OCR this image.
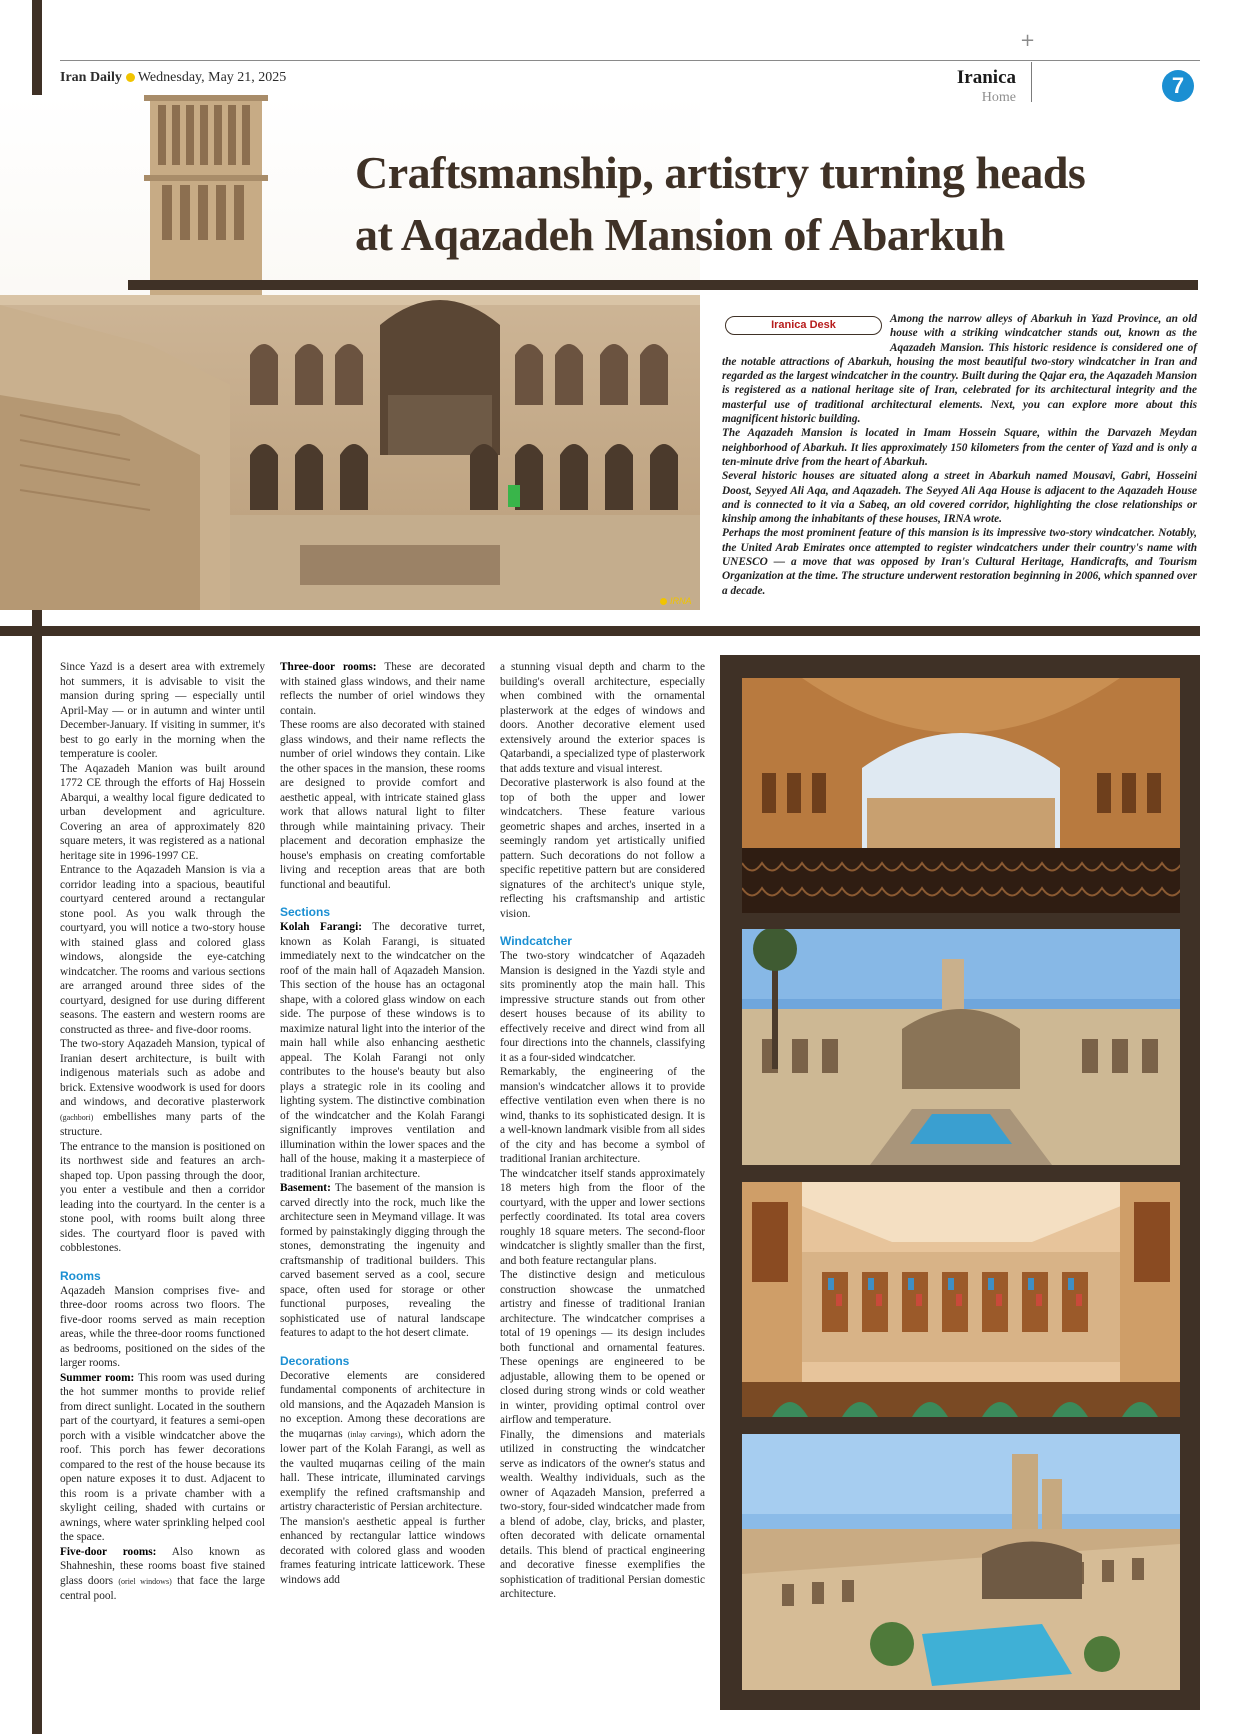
+
Iran Daily Wednesday, May 21, 2025	Iranica
Home	7
IRNA
Craftsmanship, artistry turning heads
at Aqazadeh Mansion of Abarkuh
Iranica Desk	Among the narrow alleys of Abarkuh in Yazd Province, an old house with a striking windcatcher stands out, known as the Aqazadeh Mansion. This historic residence is considered one of the notable attractions of Abarkuh, housing the most beautiful two-story windcatcher in Iran and regarded as the largest windcatcher in the country. Built during the Qajar era, the Aqazadeh Mansion is registered as a national heritage site of Iran, celebrated for its architectural integrity and the masterful use of traditional architectural elements. Next, you can explore more about this magnificent historic building.

The Aqazadeh Mansion is located in Imam Hossein Square, within the Darvazeh Meydan neighborhood of Abarkuh. It lies approximately 150 kilometers from the center of Yazd and is only a ten-minute drive from the heart of Abarkuh.

Several historic houses are situated along a street in Abarkuh named Mousavi, Gabri, Hosseini Doost, Seyyed Ali Aqa, and Aqazadeh. The Seyyed Ali Aqa House is adjacent to the Aqazadeh House and is connected to it via a Sabeq, an old covered corridor, highlighting the close relationships or kinship among the inhabitants of these houses, IRNA wrote.

Perhaps the most prominent feature of this mansion is its impressive two-story windcatcher. Notably, the United Arab Emirates once attempted to register windcatchers under their country's name with UNESCO — a move that was opposed by Iran's Cultural Heritage, Handicrafts, and Tourism Organization at the time. The structure underwent restoration beginning in 2006, which spanned over a decade.

Since Yazd is a desert area with extremely hot summers, it is advisable to visit the mansion during spring — especially until April-May — or in autumn and winter until December-January. If visiting in summer, it's best to go early in the morning when the temperature is cooler.

The Aqazadeh Manion was built around 1772 CE through the efforts of Haj Hossein Abarqui, a wealthy local figure dedicated to urban development and agriculture. Covering an area of approximately 820 square meters, it was registered as a national heritage site in 1996-1997 CE.

Entrance to the Aqazadeh Mansion is via a corridor leading into a spacious, beautiful courtyard centered around a rectangular stone pool. As you walk through the courtyard, you will notice a two-story house with stained glass and colored glass windows, alongside the eye-catching windcatcher. The rooms and various sections are arranged around three sides of the courtyard, designed for use during different seasons. The eastern and western rooms are constructed as three- and five-door rooms.

The two-story Aqazadeh Mansion, typical of Iranian desert architecture, is built with indigenous materials such as adobe and brick. Extensive woodwork is used for doors and windows, and decorative plasterwork (gachbori) embellishes many parts of the structure.

The entrance to the mansion is positioned on its northwest side and features an arch-shaped top. Upon passing through the door, you enter a vestibule and then a corridor leading into the courtyard. In the center is a stone pool, with rooms built along three sides. The courtyard floor is paved with cobblestones.

Rooms

Aqazadeh Mansion comprises five- and three-door rooms across two floors. The five-door rooms served as main reception areas, while the three-door rooms functioned as bedrooms, positioned on the sides of the larger rooms.

Summer room: This room was used during the hot summer months to provide relief from direct sunlight. Located in the southern part of the courtyard, it features a semi-open porch with a visible windcatcher above the roof. This porch has fewer decorations compared to the rest of the house because its open nature exposes it to dust. Adjacent to this room is a private chamber with a skylight ceiling, shaded with curtains or awnings, where water sprinkling helped cool the space.

Five-door rooms: Also known as Shahneshin, these rooms boast five stained glass doors (oriel windows) that face the large central pool.

Three-door rooms: These are decorated with stained glass windows, and their name reflects the number of oriel windows they contain.

These rooms are also decorated with stained glass windows, and their name reflects the number of oriel windows they contain. Like the other spaces in the mansion, these rooms are designed to provide comfort and aesthetic appeal, with intricate stained glass work that allows natural light to filter through while maintaining privacy. Their placement and decoration emphasize the house's emphasis on creating comfortable living and reception areas that are both functional and beautiful.

Sections

Kolah Farangi: The decorative turret, known as Kolah Farangi, is situated immediately next to the windcatcher on the roof of the main hall of Aqazadeh Mansion. This section of the house has an octagonal shape, with a colored glass window on each side. The purpose of these windows is to maximize natural light into the interior of the main hall while also enhancing aesthetic appeal. The Kolah Farangi not only contributes to the house's beauty but also plays a strategic role in its cooling and lighting system. The distinctive combination of the windcatcher and the Kolah Farangi significantly improves ventilation and illumination within the lower spaces and the hall of the house, making it a masterpiece of traditional Iranian architecture.

Basement: The basement of the mansion is carved directly into the rock, much like the architecture seen in Meymand village. It was formed by painstakingly digging through the stones, demonstrating the ingenuity and craftsmanship of traditional builders. This carved basement served as a cool, secure space, often used for storage or other functional purposes, revealing the sophisticated use of natural landscape features to adapt to the hot desert climate.

Decorations

Decorative elements are considered fundamental components of architecture in old mansions, and the Aqazadeh Mansion is no exception. Among these decorations are the muqarnas (inlay carvings), which adorn the lower part of the Kolah Farangi, as well as the vaulted muqarnas ceiling of the main hall. These intricate, illuminated carvings exemplify the refined craftsmanship and artistry characteristic of Persian architecture.

The mansion's aesthetic appeal is further enhanced by rectangular lattice windows decorated with colored glass and wooden frames featuring intricate latticework. These windows add

a stunning visual depth and charm to the building's overall architecture, especially when combined with the ornamental plasterwork at the edges of windows and doors. Another decorative element used extensively around the exterior spaces is Qatarbandi, a specialized type of plasterwork that adds texture and visual interest.

Decorative plasterwork is also found at the top of both the upper and lower windcatchers. These feature various geometric shapes and arches, inserted in a seemingly random yet artistically unified pattern. Such decorations do not follow a specific repetitive pattern but are considered signatures of the architect's unique style, reflecting his craftsmanship and artistic vision.

Windcatcher

The two-story windcatcher of Aqazadeh Mansion is designed in the Yazdi style and sits prominently atop the main hall. This impressive structure stands out from other desert houses because of its ability to effectively receive and direct wind from all four directions into the channels, classifying it as a four-sided windcatcher.

Remarkably, the engineering of the mansion's windcatcher allows it to provide effective ventilation even when there is no wind, thanks to its sophisticated design. It is a well-known landmark visible from all sides of the city and has become a symbol of traditional Iranian architecture.

The windcatcher itself stands approximately 18 meters high from the floor of the courtyard, with the upper and lower sections perfectly coordinated. Its total area covers roughly 18 square meters. The second-floor windcatcher is slightly smaller than the first, and both feature rectangular plans.

The distinctive design and meticulous construction showcase the unmatched artistry and finesse of traditional Iranian architecture. The windcatcher comprises a total of 19 openings — its design includes both functional and ornamental features. These openings are engineered to be adjustable, allowing them to be opened or closed during strong winds or cold weather in winter, providing optimal control over airflow and temperature.

Finally, the dimensions and materials utilized in constructing the windcatcher serve as indicators of the owner's status and wealth. Wealthy individuals, such as the owner of Aqazadeh Mansion, preferred a two-story, four-sided windcatcher made from a blend of adobe, clay, bricks, and plaster, often decorated with delicate ornamental details. This blend of practical engineering and decorative finesse exemplifies the sophistication of traditional Persian domestic architecture.
